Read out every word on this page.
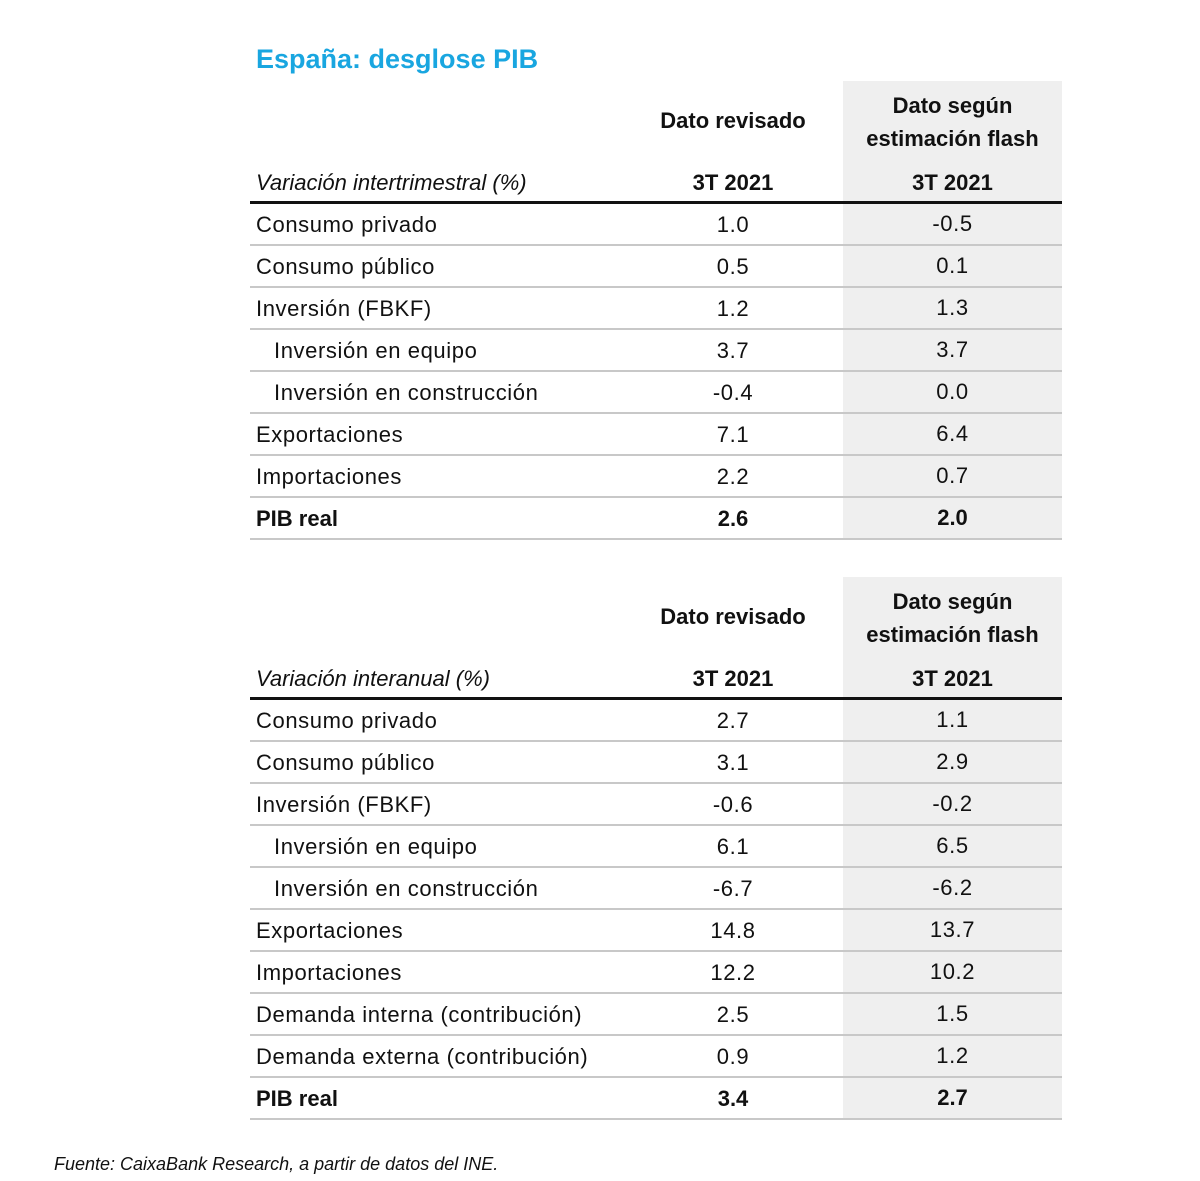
España: desglose PIB
Dato revisado
Dato según
estimación flash
Variación intertrimestral (%)	3T 2021	3T 2021
Consumo privado	1.0	-0.5
Consumo público	0.5	0.1
Inversión (FBKF)	1.2	1.3
Inversión en equipo	3.7	3.7
Inversión en construcción	-0.4	0.0
Exportaciones	7.1	6.4
Importaciones	2.2	0.7
PIB real	2.6	2.0
Dato revisado
Dato según
estimación flash
Variación interanual (%)	3T 2021	3T 2021
Consumo privado	2.7	1.1
Consumo público	3.1	2.9
Inversión (FBKF)	-0.6	-0.2
Inversión en equipo	6.1	6.5
Inversión en construcción	-6.7	-6.2
Exportaciones	14.8	13.7
Importaciones	12.2	10.2
Demanda interna (contribución)	2.5	1.5
Demanda externa (contribución)	0.9	1.2
PIB real	3.4	2.7
Fuente: CaixaBank Research, a partir de datos del INE.
